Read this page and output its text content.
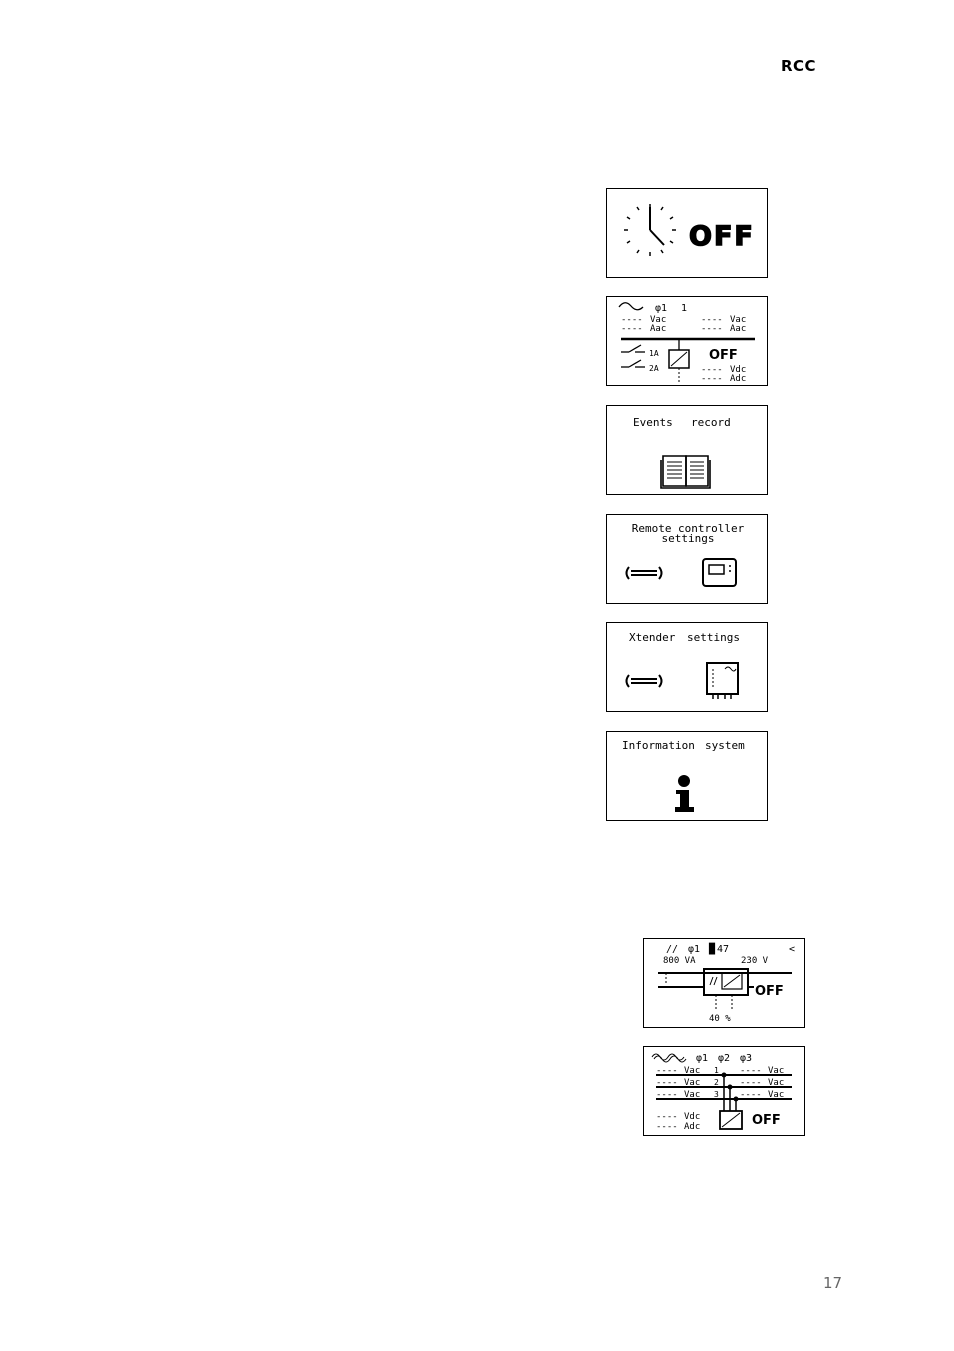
RCC
OFF
φ1 1
---- Vac
---- Aac
---- Vac
---- Aac
1A
2A
OFF
---- Vdc
---- Adc
Events record
Remote controller
settings
Xtender settings
Information system
// φ1 █ 47	<
800 VA	230 V
OFF
40 %
φ1 φ2 φ3
---- Vac 1 ---- Vac
---- Vac 2 ---- Vac
---- Vac 3 ---- Vac
---- Vdc
---- Adc	OFF
17
